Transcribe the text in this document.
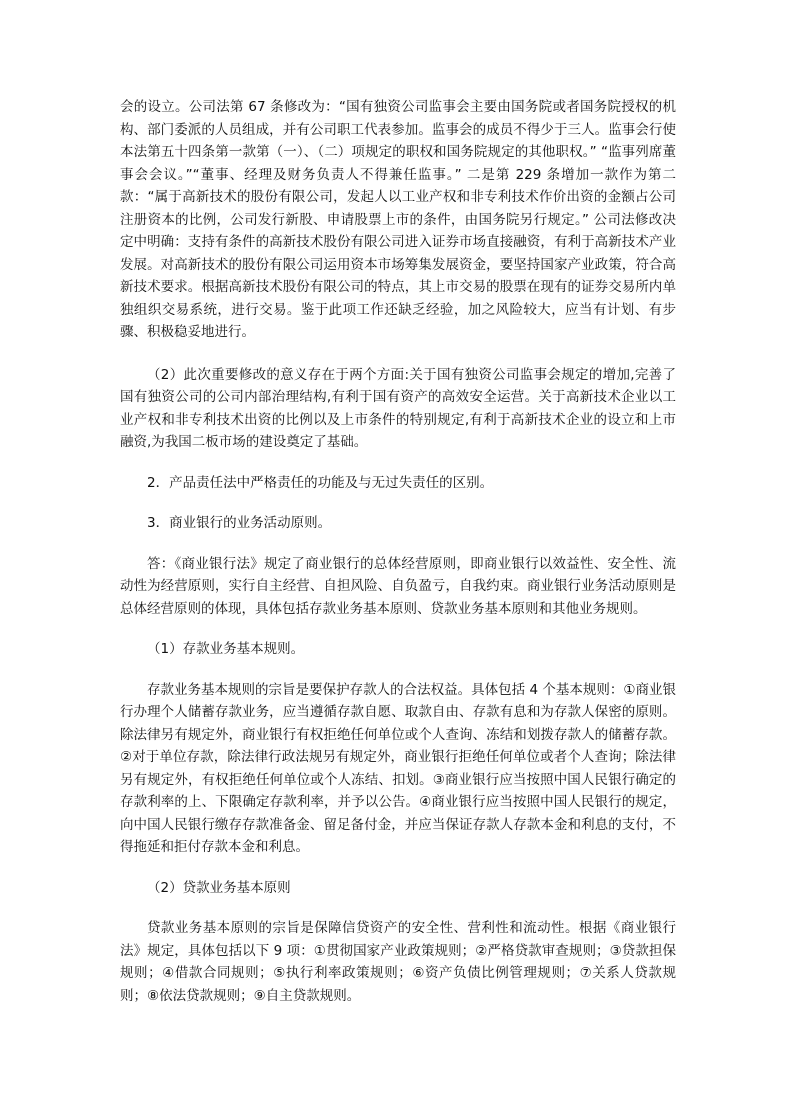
会的设立。公司法第 67 条修改为：“国有独资公司监事会主要由国务院或者国务院授权的机构、部门委派的人员组成，并有公司职工代表参加。监事会的成员不得少于三人。监事会行使本法第五十四条第一款第（一）、（二）项规定的职权和国务院规定的其他职权。” “监事列席董事会会议。”“董事、经理及财务负责人不得兼任监事。” 二是第 229 条增加一款作为第二款：“属于高新技术的股份有限公司，发起人以工业产权和非专利技术作价出资的金额占公司注册资本的比例，公司发行新股、申请股票上市的条件，由国务院另行规定。” 公司法修改决定中明确：支持有条件的高新技术股份有限公司进入证券市场直接融资，有利于高新技术产业发展。对高新技术的股份有限公司运用资本市场筹集发展资金，要坚持国家产业政策，符合高新技术要求。根据高新技术股份有限公司的特点，其上市交易的股票在现有的证券交易所内单独组织交易系统，进行交易。鉴于此项工作还缺乏经验，加之风险较大，应当有计划、有步骤、积极稳妥地进行。

（2）此次重要修改的意义存在于两个方面:关于国有独资公司监事会规定的增加,完善了国有独资公司的公司内部治理结构,有利于国有资产的高效安全运营。关于高新技术企业以工业产权和非专利技术出资的比例以及上市条件的特别规定,有利于高新技术企业的设立和上市融资,为我国二板市场的建设奠定了基础。

2．产品责任法中严格责任的功能及与无过失责任的区别。

3．商业银行的业务活动原则。

答：《商业银行法》规定了商业银行的总体经营原则，即商业银行以效益性、安全性、流动性为经营原则，实行自主经营、自担风险、自负盈亏，自我约束。商业银行业务活动原则是总体经营原则的体现，具体包括存款业务基本原则、贷款业务基本原则和其他业务规则。

（1）存款业务基本规则。

存款业务基本规则的宗旨是要保护存款人的合法权益。具体包括 4 个基本规则：①商业银行办理个人储蓄存款业务，应当遵循存款自愿、取款自由、存款有息和为存款人保密的原则。除法律另有规定外，商业银行有权拒绝任何单位或个人查询、冻结和划拨存款人的储蓄存款。②对于单位存款，除法律行政法规另有规定外，商业银行拒绝任何单位或者个人查询；除法律另有规定外，有权拒绝任何单位或个人冻结、扣划。③商业银行应当按照中国人民银行确定的存款利率的上、下限确定存款利率，并予以公告。④商业银行应当按照中国人民银行的规定，向中国人民银行缴存存款准备金、留足备付金，并应当保证存款人存款本金和利息的支付，不得拖延和拒付存款本金和利息。

（2）贷款业务基本原则

贷款业务基本原则的宗旨是保障信贷资产的安全性、营利性和流动性。根据《商业银行法》规定，具体包括以下 9 项：①贯彻国家产业政策规则；②严格贷款审查规则；③贷款担保规则；④借款合同规则；⑤执行利率政策规则；⑥资产负债比例管理规则；⑦关系人贷款规则；⑧依法贷款规则；⑨自主贷款规则。
